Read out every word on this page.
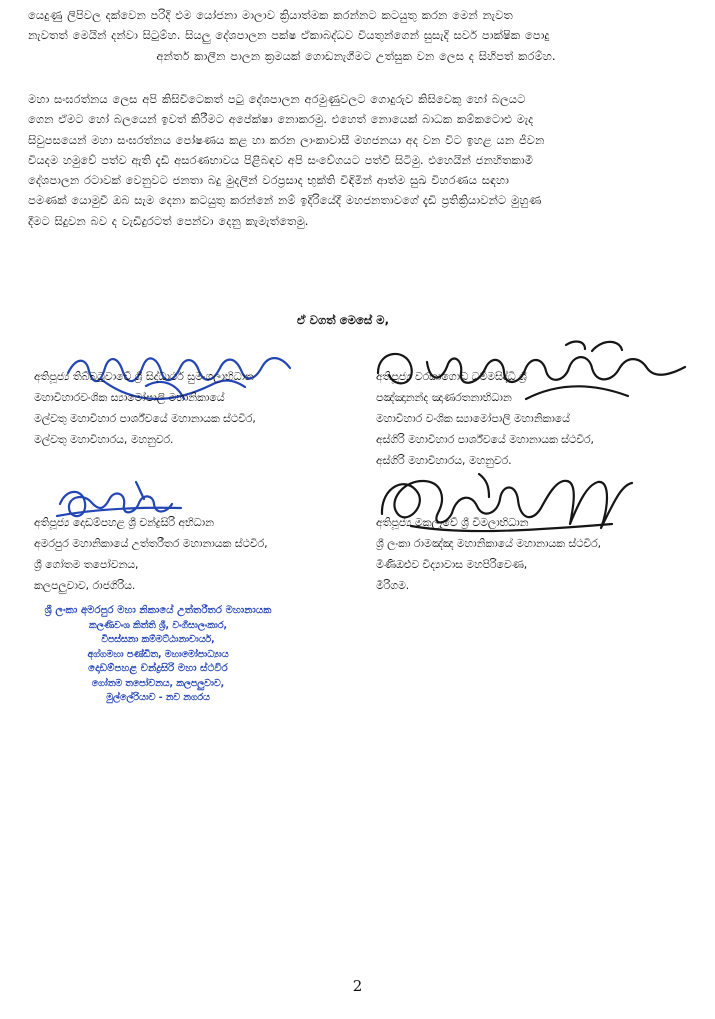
යෙදුණු ලිපිවල දක්වෙන පරිදි එම යෝජනා මාලාව ක්‍රියාත්මක කරන්නට කටයුතු කරන මෙන් නැවත
නැවතත් මෙයින් දන්වා සිටුම්හ. සියලු දේශපාලන පක්ෂ ඒකාබද්ධව වියතුන්ගෙන් සුසැදි සර්ව පාක්ෂික පොදු
අන්තර් කාලීන පාලන ක්‍රමයක් ගොඩනැගීමට උත්සුක වන ලෙස ද සිහිපත් කරම්හ.
මහා සංඝරත්නය ලෙස අපි කිසිවිටෙකත් පටු දේශපාලන අරමුණුවලට ගොදුරුව කිසිවෙකු හෝ බලයට
ගෙන ඒමට හෝ බලයෙන් ඉවත් කිරීමට අපේක්ෂා නොකරමු. එහෙත් නොයෙක් බාධක කම්කටොළු මැද
සිවුපසයෙන් මහා සංඝරත්නය පෝෂණය කළ හා කරන ලාංකාවාසී මහජනයා අද වන විට ඉහළ යන ජීවන
වියදම හමුවේ පත්ව ඇති දැඩි අසරණභාවය පිළිබඳව අපි සංවේගයට පත්වී සිටිමු. එහෙයින් ජනහිතකාමී
දේශපාලන රටාවක් වෙනුවට ජනතා බදු මුදලින් වරප්‍රසාද භුක්ති විඳිමින් ආත්ම සුඛ විහරණය සඳහා
පමණක් යොමුවී ඔබ සැම දෙනා කටයුතු කරන්නේ නම් ඉදිරියේදී මහජනතාවගේ දැඩි ප්‍රතික්‍රියාවන්ට මුහුණ
දීමට සිදුවන බව ද වැඩිදුරටත් පෙන්වා දෙනු කැමැත්තෙමු.
ඒ වගත් මෙසේ ම,
අතිපූජ්‍ය තිබ්බටුවාවේ ශ්‍රී සිද්ධාර්ථ සුමංගලාභිධාන
මහාවිහාරවංශික ස්‍යාමෝපාලි මහානිකායේ
මල්වතු මහාවිහාර පාර්ශ්වයේ මහානායක ස්ථවිර,
මල්වතු මහාවිහාරය, මහනුවර.
අතිපූජ්‍ය වරකාගොඩ ධම්මසිද්ධි ශ්‍රී
පඤ්ඤානන්ද ඤාණරතනාභිධාන
මහාවිහාර වංශික ස්‍යාමෝපාලි මහානිකායේ
අස්ගිරි මහාවිහාර පාර්ශ්වයේ මහානායක ස්ථවිර,
අස්ගිරි මහාවිහාරය, මහනුවර.
අතිපූජ්‍ය දොඩම්පහළ ශ්‍රී චන්ද්‍රසිරි අභිධාන
අමරපුර මහානිකායේ උත්තරීතර මහානායක ස්ථවිර,
ශ්‍රී ගෝතම තපෝවනය,
කලපලුවාව, රාජගිරිය.
අතිපූජ්‍ය මකුලෑවේ ශ්‍රී විමලාභිධාන
ශ්‍රී ලංකා රාමඤ්ඤ මහානිකායේ මහානායක ස්ථවිර,
මිණිඔළුව විද්‍යාවාස මහපිරිවෙණ,
මීරිගම.
ශ්‍රී ලංකා අමරපුර මහා නිකායේ උත්තරීතර මහානායක
කලණිවංශ කිත්ති ශ්‍රී, වංගීසාලංකාර,
විපස්සනා කම්මට්ඨානාචාර්ය,
අග්ගමහා පණ්ඩිත, මහාමෝපාධ්‍යාය
දොඩම්පහළ චන්ද්‍රසිරි මහා ස්ථවිර
ගෝතම තපෝවනය, කලපලුවාව,
මුල්ලේරියාව - නව නගරය
2
